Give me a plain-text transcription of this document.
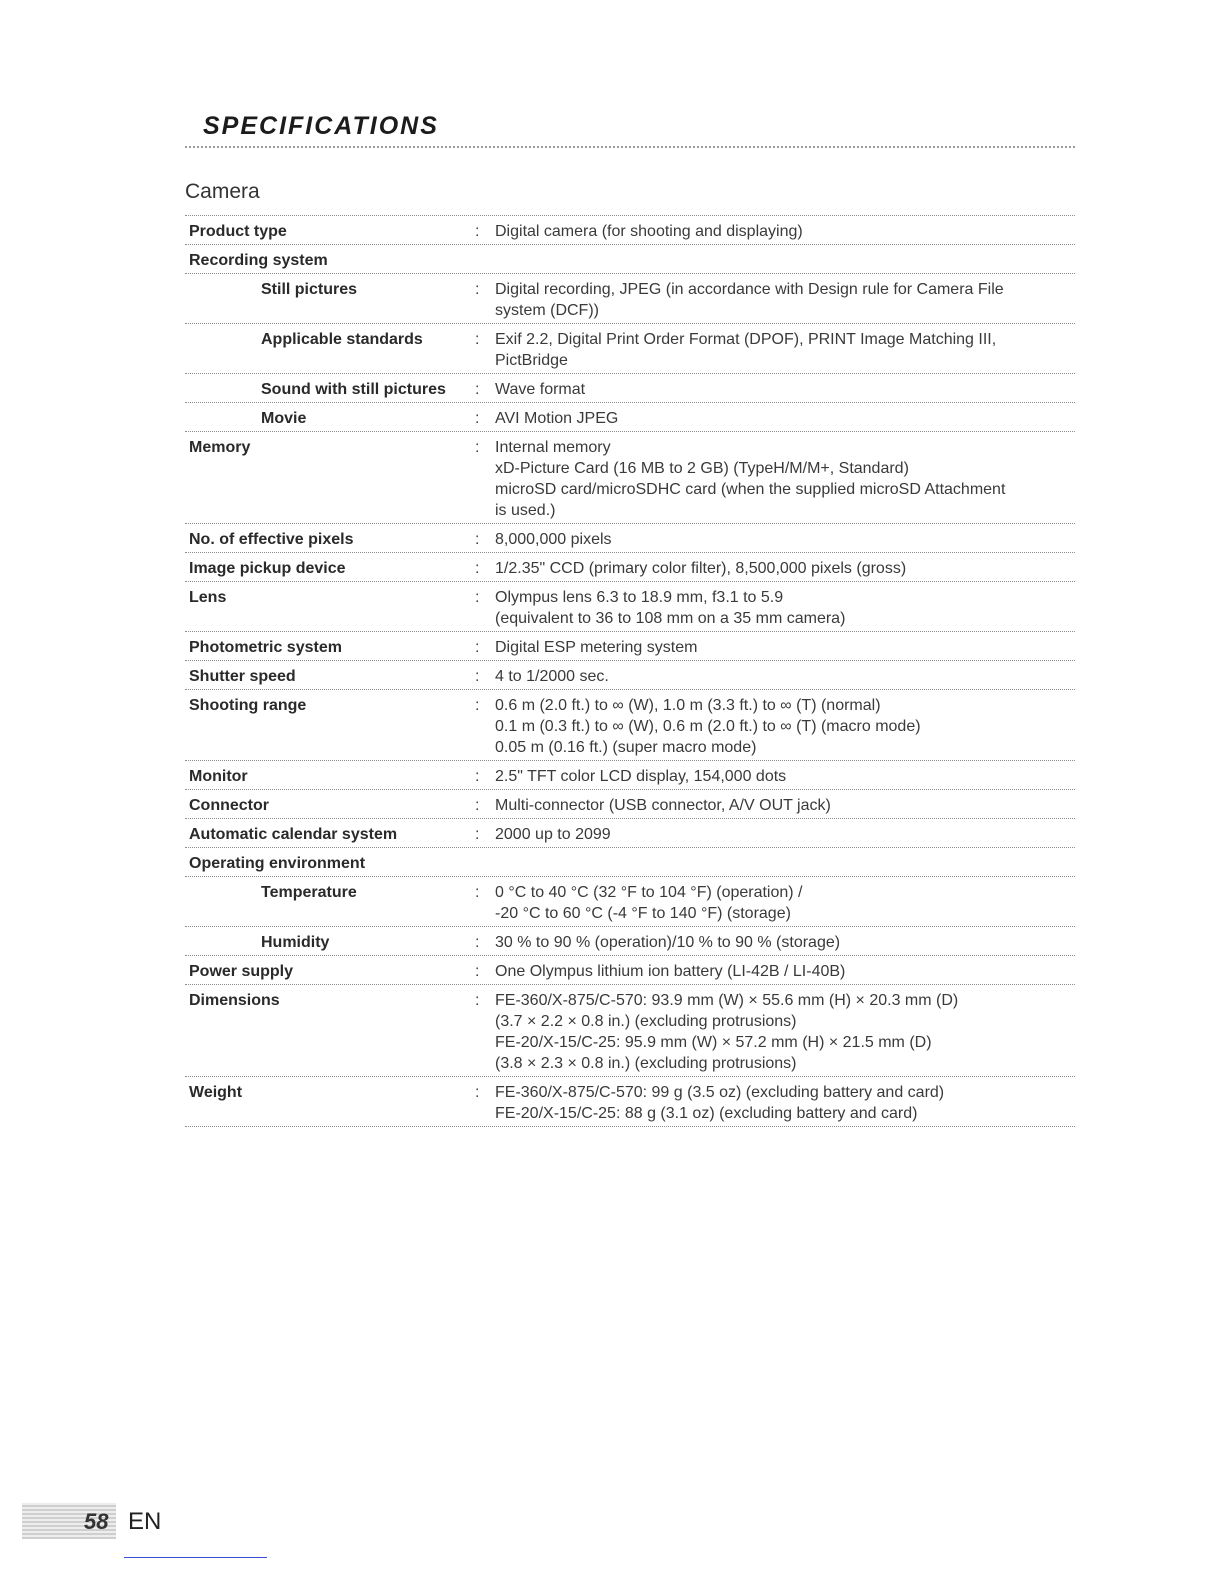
SPECIFICATIONS
Camera
Product type	: Digital camera (for shooting and displaying)
Recording system
Still pictures	: Digital recording, JPEG (in accordance with Design rule for Camera File
system (DCF))
Applicable standards	: Exif 2.2, Digital Print Order Format (DPOF), PRINT Image Matching III,
PictBridge
Sound with still pictures	: Wave format
Movie	: AVI Motion JPEG
Memory	: Internal memory
xD-Picture Card (16 MB to 2 GB) (TypeH/M/M+, Standard)
microSD card/microSDHC card (when the supplied microSD Attachment
is used.)
No. of effective pixels	: 8,000,000 pixels
Image pickup device	: 1/2.35" CCD (primary color filter), 8,500,000 pixels (gross)
Lens	: Olympus lens 6.3 to 18.9 mm, f3.1 to 5.9
(equivalent to 36 to 108 mm on a 35 mm camera)
Photometric system	: Digital ESP metering system
Shutter speed	: 4 to 1/2000 sec.
Shooting range	: 0.6 m (2.0 ft.) to ∞ (W), 1.0 m (3.3 ft.) to ∞ (T) (normal)
0.1 m (0.3 ft.) to ∞ (W), 0.6 m (2.0 ft.) to ∞ (T) (macro mode)
0.05 m (0.16 ft.) (super macro mode)
Monitor	: 2.5" TFT color LCD display, 154,000 dots
Connector	: Multi-connector (USB connector, A/V OUT jack)
Automatic calendar system	: 2000 up to 2099
Operating environment
Temperature	: 0 °C to 40 °C (32 °F to 104 °F) (operation) /
-20 °C to 60 °C (-4 °F to 140 °F) (storage)
Humidity	: 30 % to 90 % (operation)/10 % to 90 % (storage)
Power supply	: One Olympus lithium ion battery (LI-42B / LI-40B)
Dimensions	: FE-360/X-875/C-570: 93.9 mm (W) × 55.6 mm (H) × 20.3 mm (D)
(3.7 × 2.2 × 0.8 in.) (excluding protrusions)
FE-20/X-15/C-25: 95.9 mm (W) × 57.2 mm (H) × 21.5 mm (D)
(3.8 × 2.3 × 0.8 in.) (excluding protrusions)
Weight	: FE-360/X-875/C-570: 99 g (3.5 oz) (excluding battery and card)
FE-20/X-15/C-25: 88 g (3.1 oz) (excluding battery and card)
58 EN
